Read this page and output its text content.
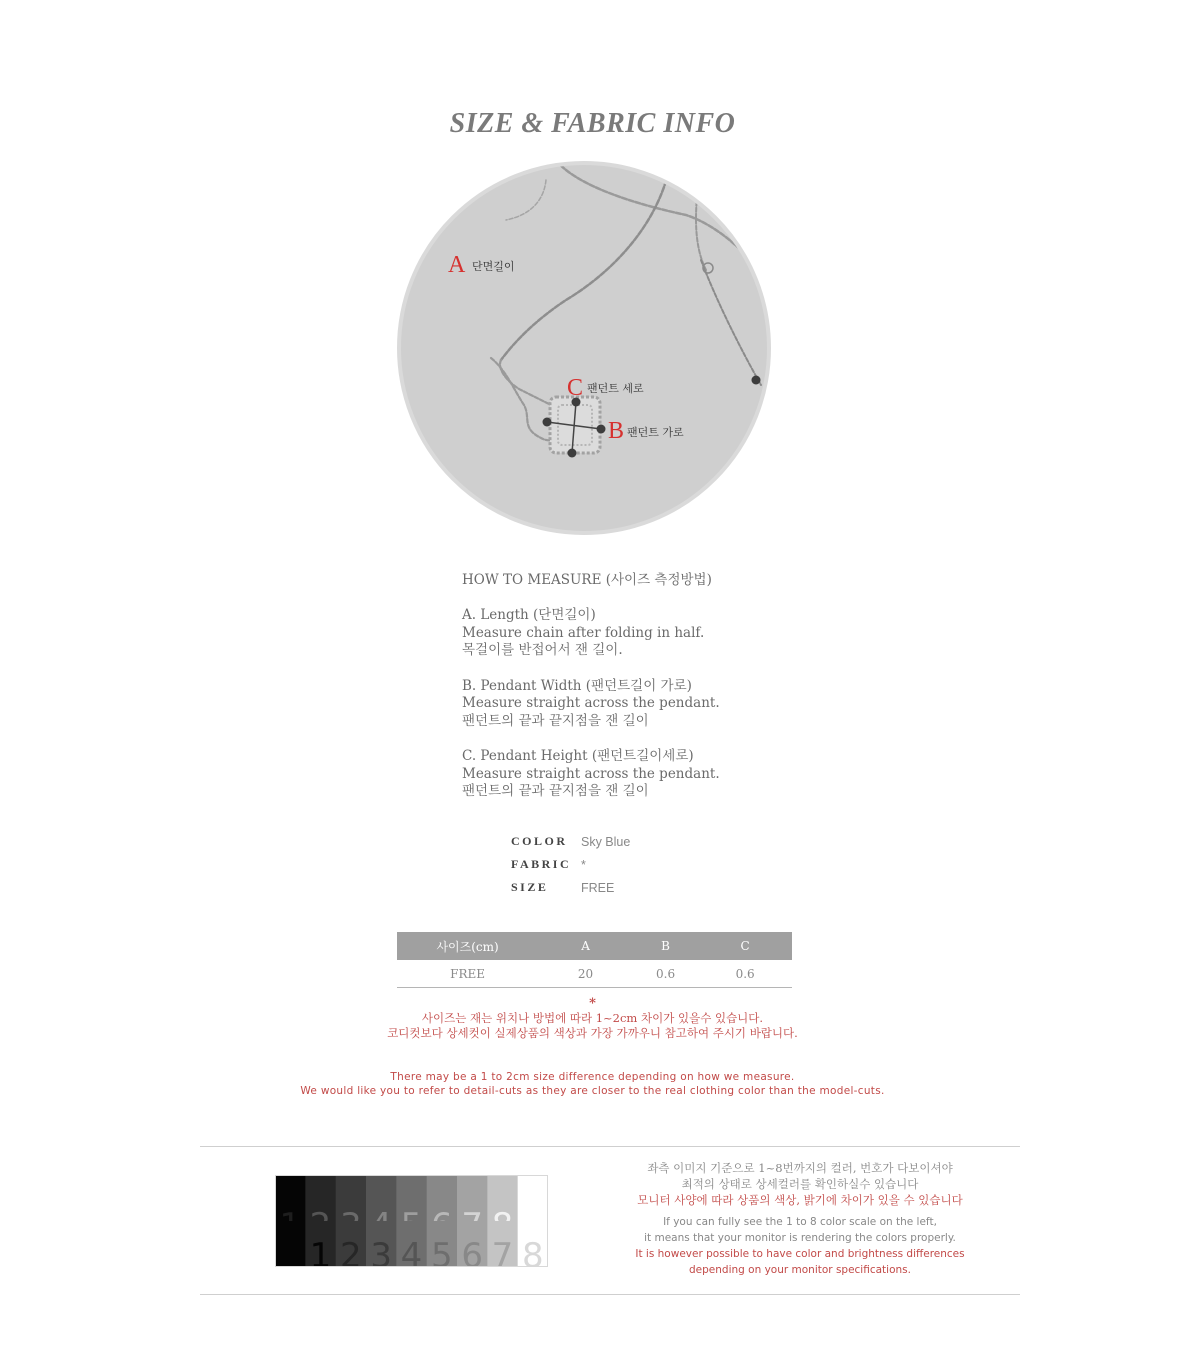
SIZE & FABRIC INFO
A 단면길이
C 팬던트 세로
B 팬던트 가로
HOW TO MEASURE (사이즈 측정방법)
A. Length (단면길이)
Measure chain after folding in half.
목걸이를 반접어서 잰 길이.
B. Pendant Width (팬던트길이 가로)
Measure straight across the pendant.
팬던트의 끝과 끝지점을 잰 길이
C. Pendant Height (팬던트길이세로)
Measure straight across the pendant.
팬던트의 끝과 끝지점을 잰 길이
COLOR	Sky Blue
FABRIC *
SIZE	FREE
사이즈(cm)	A	B	C
FREE	20	0.6	0.6
*
사이즈는 재는 위치나 방법에 따라 1~2cm 차이가 있을수 있습니다.
코디컷보다 상세컷이 실제상품의 색상과 가장 가까우니 참고하여 주시기 바랍니다.
There may be a 1 to 2cm size difference depending on how we measure.
We would like you to refer to detail-cuts as they are closer to the real clothing color than the model-cuts.
1 2 3 4 5 6 7 8
좌측 이미지 기준으로 1~8번까지의 컬러, 번호가 다보이셔야
최적의 상태로 상세컬러를 확인하실수 있습니다
모니터 사양에 따라 상품의 색상, 밝기에 차이가 있을 수 있습니다
If you can fully see the 1 to 8 color scale on the left,
it means that your monitor is rendering the colors properly.
It is however possible to have color and brightness differences
depending on your monitor specifications.
